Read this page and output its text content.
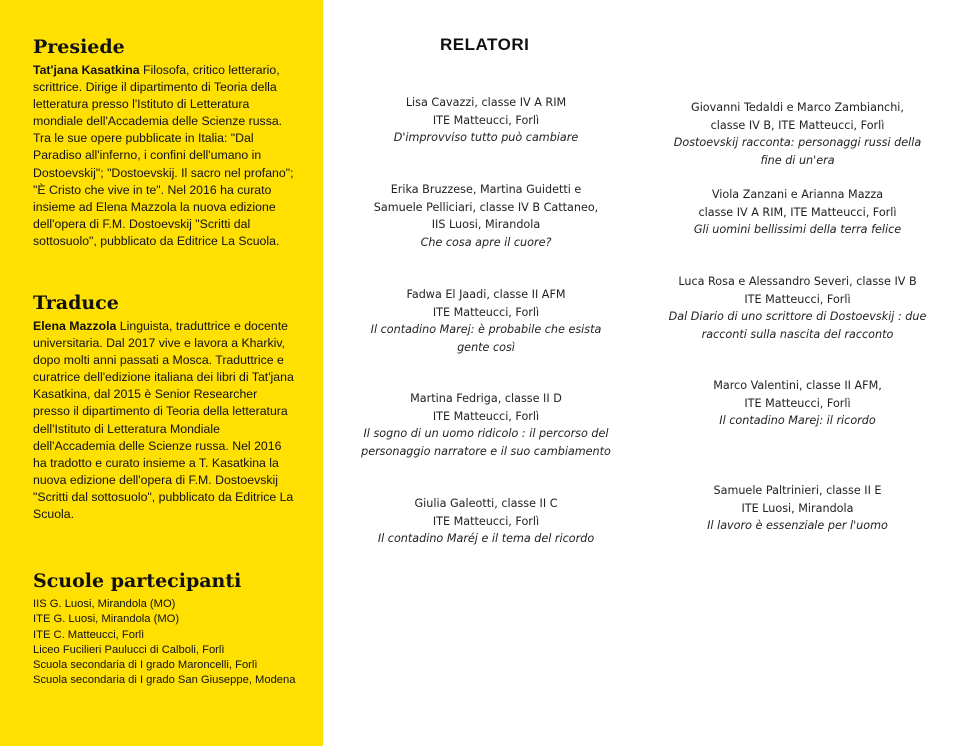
Presiede

Tat'jana Kasatkina Filosofa, critico letterario, scrittrice. Dirige il dipartimento di Teoria della letteratura presso l'Istituto di Letteratura mondiale dell'Accademia delle Scienze russa. Tra le sue opere pubblicate in Italia: "Dal Paradiso all'inferno, i confini dell'umano in Dostoevskij"; "Dostoevskij. Il sacro nel profano"; "È Cristo che vive in te". Nel 2016 ha curato insieme ad Elena Mazzola la nuova edizione dell'opera di F.M. Dostoevskij "Scritti dal sottosuolo", pubblicato da Editrice La Scuola.

Traduce

Elena Mazzola Linguista, traduttrice e docente universitaria. Dal 2017 vive e lavora a Kharkiv, dopo molti anni passati a Mosca. Traduttrice e curatrice dell'edizione italiana dei libri di Tat'jana Kasatkina, dal 2015 è Senior Researcher presso il dipartimento di Teoria della letteratura dell'Istituto di Letteratura Mondiale dell'Accademia delle Scienze russa. Nel 2016 ha tradotto e curato insieme a T. Kasatkina la nuova edizione dell'opera di F.M. Dostoevskij "Scritti dal sottosuolo", pubblicato da Editrice La Scuola.

Scuole partecipanti
IIS G. Luosi, Mirandola (MO)
ITE G. Luosi, Mirandola (MO)
ITE C. Matteucci, Forlì
Liceo Fucilieri Paulucci di Calboli, Forlì
Scuola secondaria di I grado Maroncelli, Forlì
Scuola secondaria di I grado San Giuseppe, Modena
RELATORI
Lisa Cavazzi, classe IV A RIM
ITE Matteucci, Forlì
D'improvviso tutto può cambiare
Erika Bruzzese, Martina Guidetti e
Samuele Pelliciari, classe IV B Cattaneo,
IIS Luosi, Mirandola
Che cosa apre il cuore?
Fadwa El Jaadi, classe II AFM
ITE Matteucci, Forlì
Il contadino Marej: è probabile che esista gente così
Martina Fedriga, classe II D
ITE Matteucci, Forlì
Il sogno di un uomo ridicolo : il percorso del personaggio narratore e il suo cambiamento
Giulia Galeotti, classe II C
ITE Matteucci, Forlì
Il contadino Maréj e il tema del ricordo
Giovanni Tedaldi e Marco Zambianchi,
classe IV B, ITE Matteucci, Forlì
Dostoevskij racconta: personaggi russi della fine di un'era
Viola Zanzani e Arianna Mazza
classe IV A RIM, ITE Matteucci, Forlì
Gli uomini bellissimi della terra felice
Luca Rosa e Alessandro Severi, classe IV B
ITE Matteucci, Forlì
Dal Diario di uno scrittore di Dostoevskij : due racconti sulla nascita del racconto
Marco Valentini, classe II AFM,
ITE Matteucci, Forlì
Il contadino Marej: il ricordo
Samuele Paltrinieri, classe II E
ITE Luosi, Mirandola
Il lavoro è essenziale per l'uomo
